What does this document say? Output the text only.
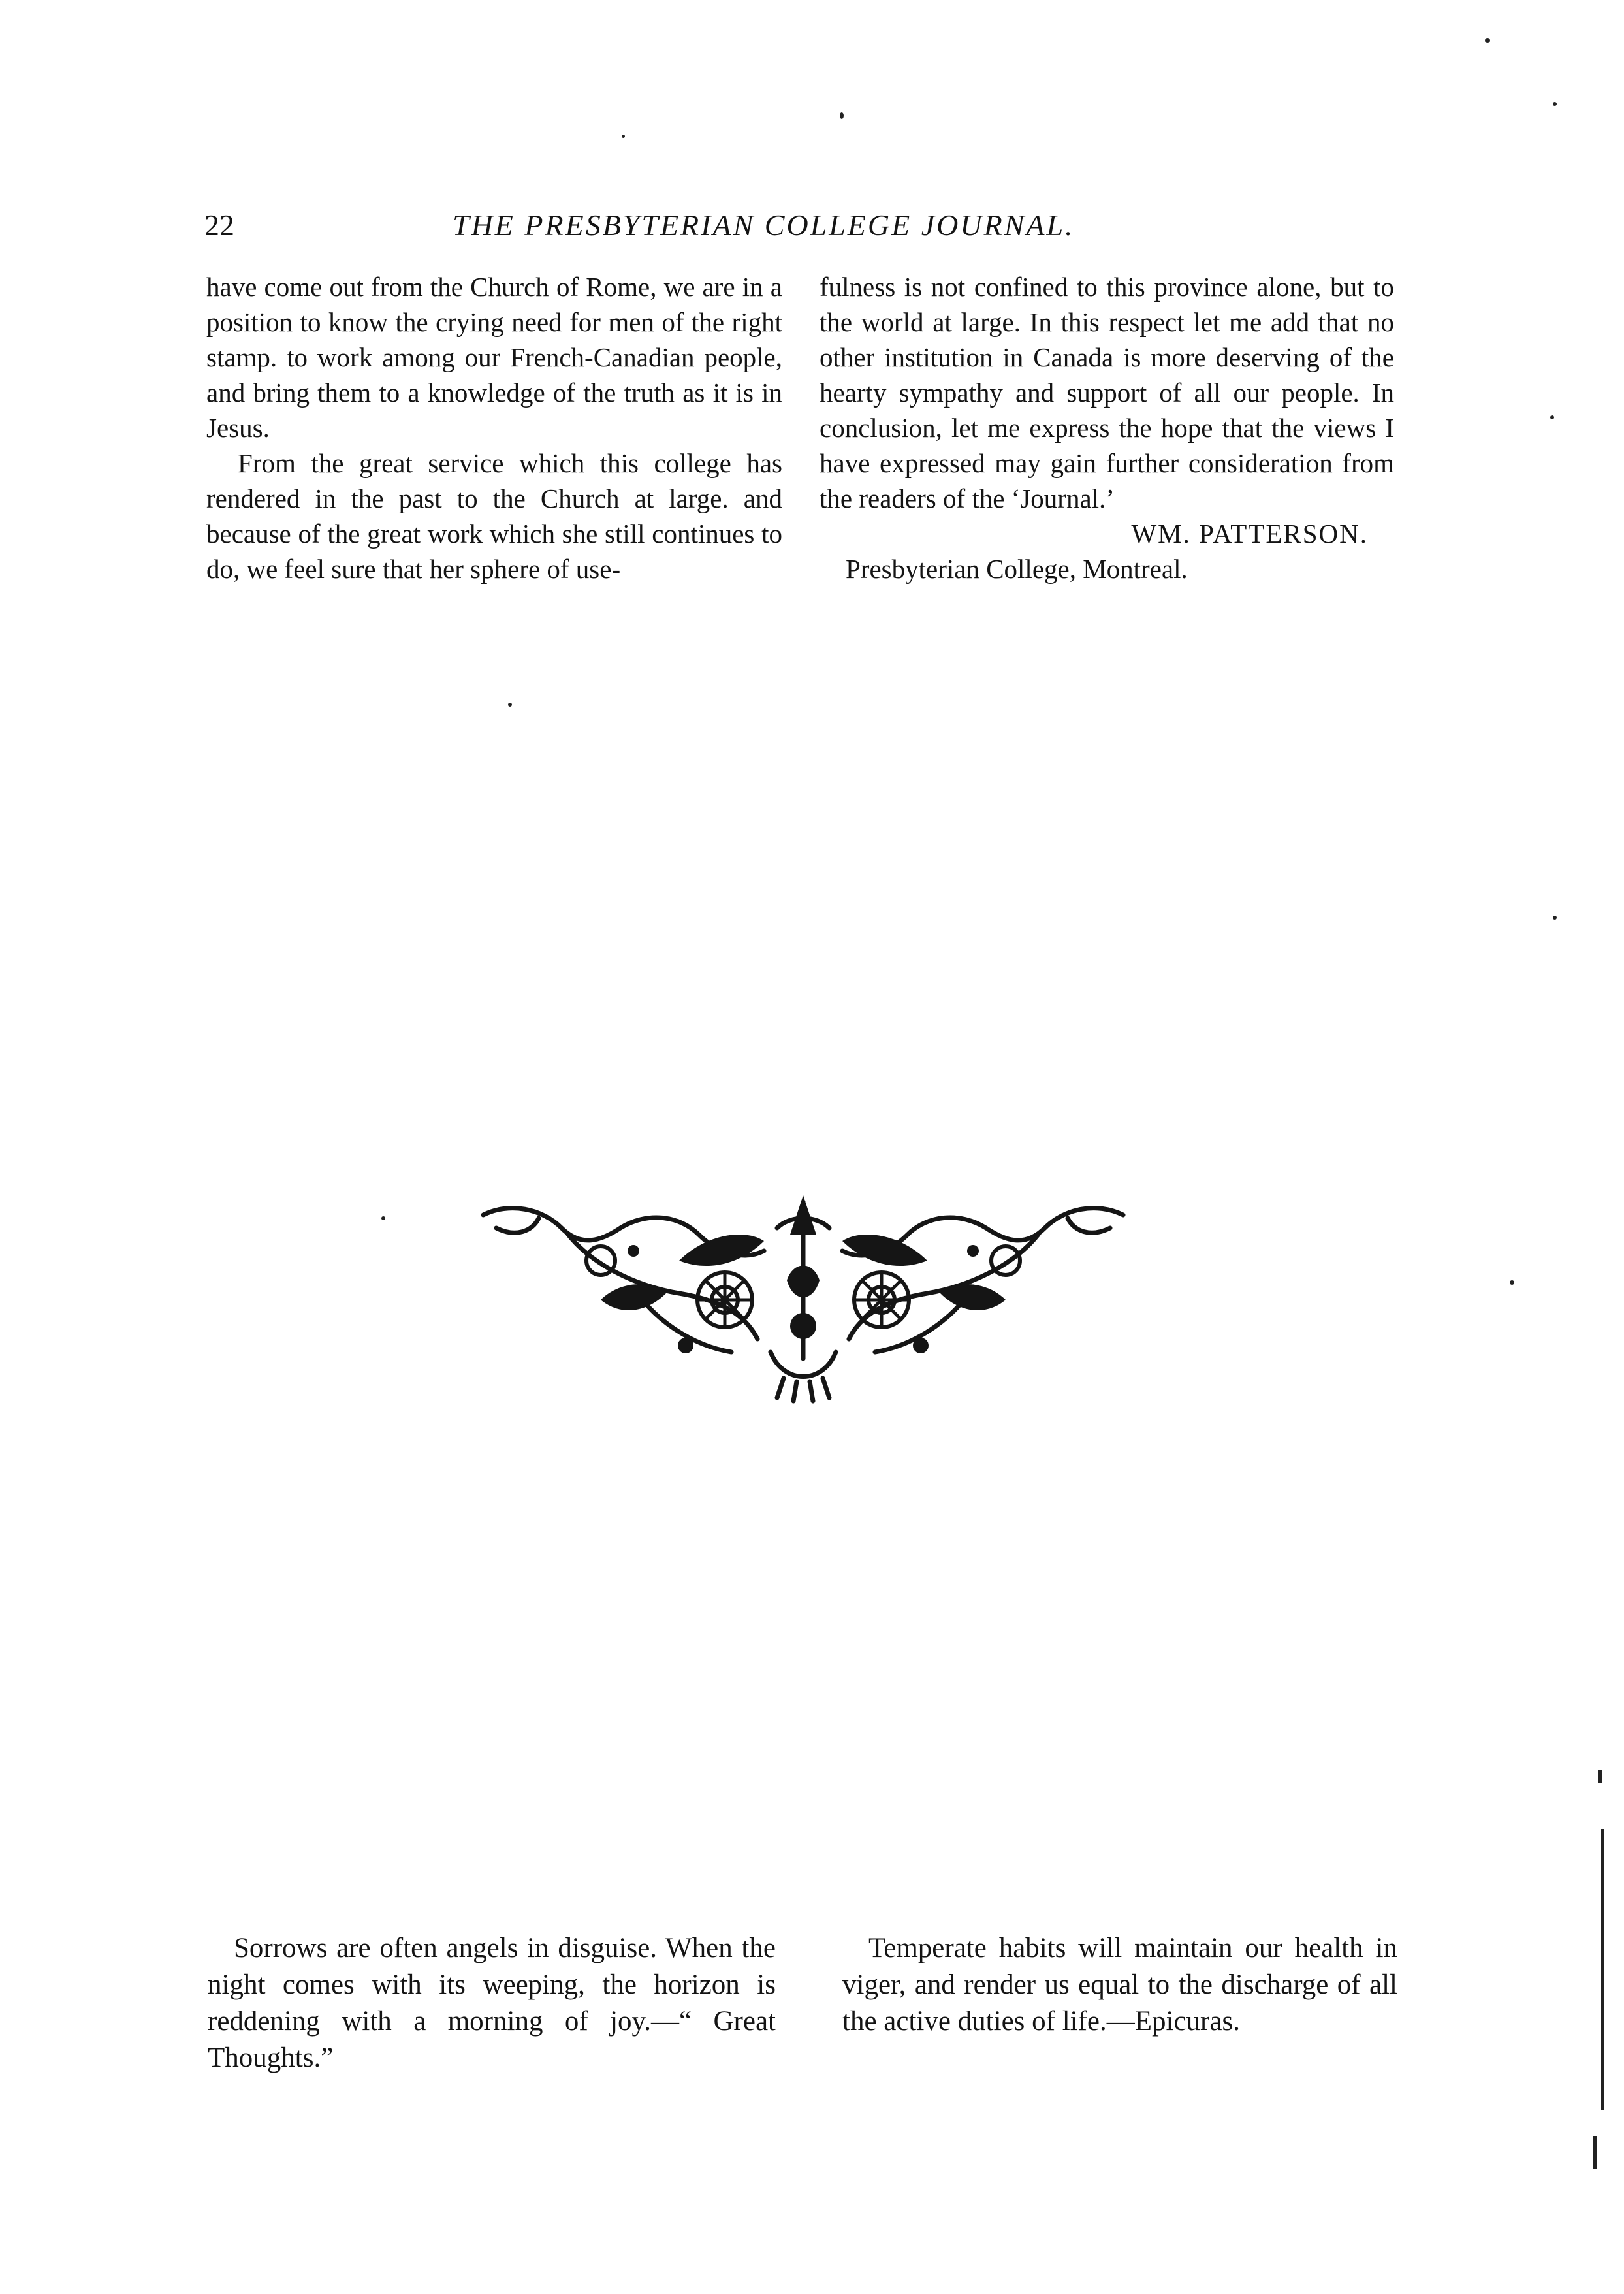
22	THE PRESBYTERIAN COLLEGE JOURNAL.

have come out from the Church of Rome, we are in a position to know the crying need for men of the right stamp. to work among our French-Canadian people, and bring them to a knowledge of the truth as it is in Jesus.

From the great service which this college has rendered in the past to the Church at large. and because of the great work which she still continues to do, we feel sure that her sphere of use-

fulness is not confined to this province alone, but to the world at large. In this respect let me add that no other institution in Canada is more deserving of the hearty sympathy and support of all our people. In conclusion, let me express the hope that the views I have expressed may gain further consideration from the readers of the ‘Journal.’

WM. PATTERSON.

Presbyterian College, Montreal.

Sorrows are often angels in disguise. When the night comes with its weeping, the horizon is reddening with a morning of joy.—“ Great Thoughts.”

Temperate habits will maintain our health in viger, and render us equal to the discharge of all the active duties of life.—Epicuras.
